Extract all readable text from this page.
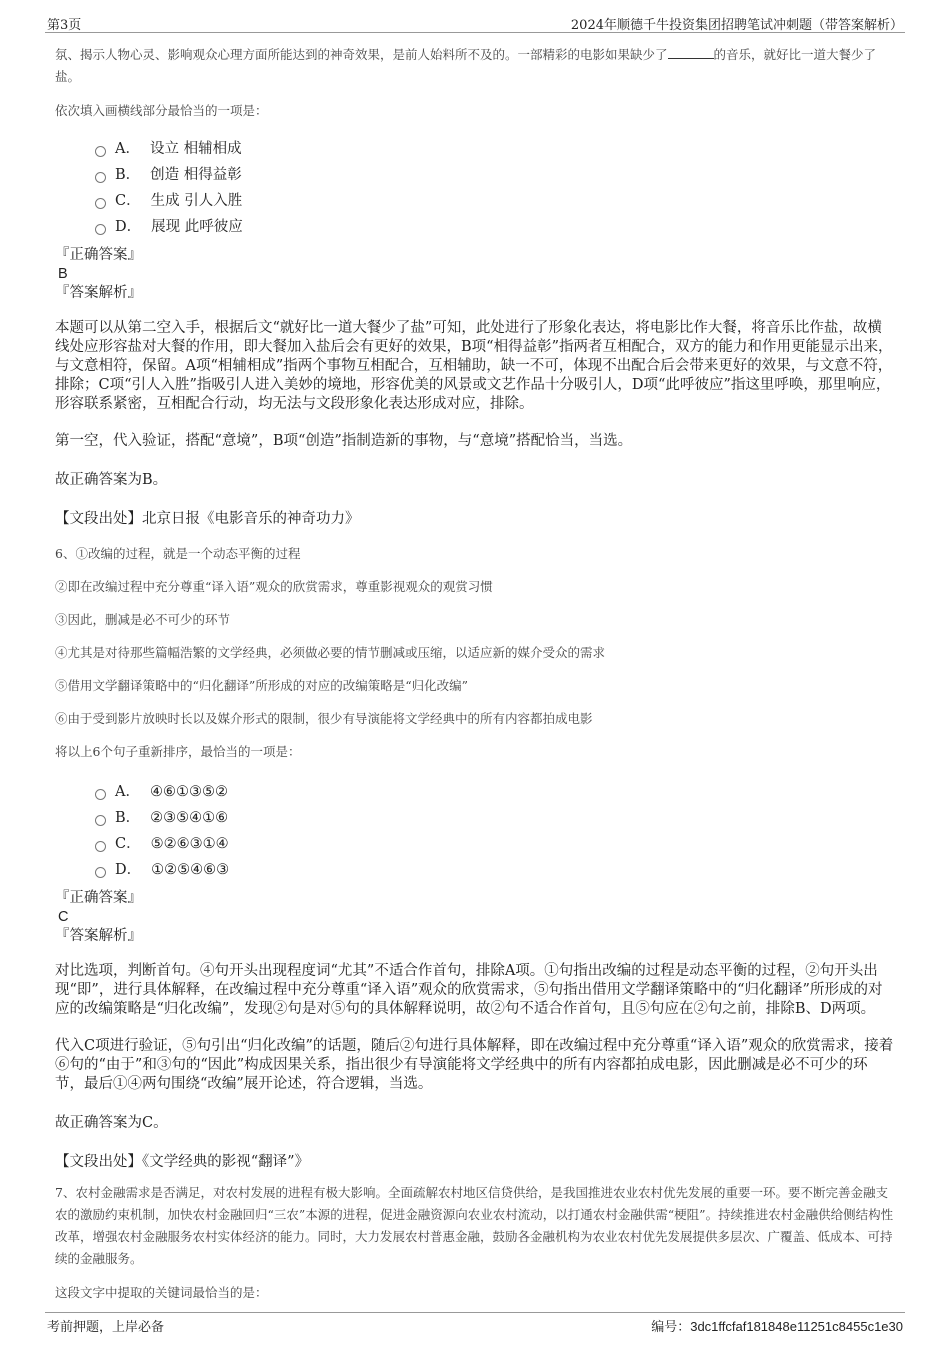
第3页	2024年顺德千牛投资集团招聘笔试冲刺题（带答案解析）

氛、揭示人物心灵、影响观众心理方面所能达到的神奇效果，是前人始料所不及的。一部精彩的电影如果缺少了	的音乐，就好比一道大餐少了盐。

依次填入画横线部分最恰当的一项是：

A． 设立 相辅相成
B． 创造 相得益彰
C． 生成 引人入胜
D． 展现 此呼彼应

『正确答案』

B

『答案解析』

本题可以从第二空入手，根据后文“就好比一道大餐少了盐”可知，此处进行了形象化表达，将电影比作大餐，将音乐比作盐，故横线处应形容盐对大餐的作用，即大餐加入盐后会有更好的效果，B项“相得益彰”指两者互相配合，双方的能力和作用更能显示出来，与文意相符，保留。A项“相辅相成”指两个事物互相配合，互相辅助，缺一不可，体现不出配合后会带来更好的效果，与文意不符，排除；C项“引人入胜”指吸引人进入美妙的境地，形容优美的风景或文艺作品十分吸引人，D项“此呼彼应”指这里呼唤，那里响应，形容联系紧密，互相配合行动，均无法与文段形象化表达形成对应，排除。

第一空，代入验证，搭配“意境”，B项“创造”指制造新的事物，与“意境”搭配恰当，当选。

故正确答案为B。

【文段出处】北京日报《电影音乐的神奇功力》

6、①改编的过程，就是一个动态平衡的过程

②即在改编过程中充分尊重“译入语”观众的欣赏需求，尊重影视观众的观赏习惯

③因此，删减是必不可少的环节

④尤其是对待那些篇幅浩繁的文学经典，必须做必要的情节删减或压缩，以适应新的媒介受众的需求

⑤借用文学翻译策略中的“归化翻译”所形成的对应的改编策略是“归化改编”

⑥由于受到影片放映时长以及媒介形式的限制，很少有导演能将文学经典中的所有内容都拍成电影

将以上6个句子重新排序，最恰当的一项是：

A． ④⑥①③⑤②
B． ②③⑤④①⑥
C． ⑤②⑥③①④
D． ①②⑤④⑥③

『正确答案』

C

『答案解析』

对比选项，判断首句。④句开头出现程度词“尤其”不适合作首句，排除A项。①句指出改编的过程是动态平衡的过程，②句开头出现“即”，进行具体解释，在改编过程中充分尊重“译入语”观众的欣赏需求，⑤句指出借用文学翻译策略中的“归化翻译”所形成的对应的改编策略是“归化改编”，发现②句是对⑤句的具体解释说明，故②句不适合作首句，且⑤句应在②句之前，排除B、D两项。

代入C项进行验证，⑤句引出“归化改编”的话题，随后②句进行具体解释，即在改编过程中充分尊重“译入语”观众的欣赏需求，接着⑥句的“由于”和③句的“因此”构成因果关系，指出很少有导演能将文学经典中的所有内容都拍成电影，因此删减是必不可少的环节，最后①④两句围绕“改编”展开论述，符合逻辑，当选。

故正确答案为C。

【文段出处】《文学经典的影视“翻译”》

7、农村金融需求是否满足，对农村发展的进程有极大影响。全面疏解农村地区信贷供给，是我国推进农业农村优先发展的重要一环。要不断完善金融支农的激励约束机制，加快农村金融回归“三农”本源的进程，促进金融资源向农业农村流动，以打通农村金融供需“梗阻”。持续推进农村金融供给侧结构性改革，增强农村金融服务农村实体经济的能力。同时，大力发展农村普惠金融，鼓励各金融机构为农业农村优先发展提供多层次、广覆盖、低成本、可持续的金融服务。

这段文字中提取的关键词最恰当的是：

考前押题，上岸必备	编号：3dc1ffcfaf181848e11251c8455c1e30
